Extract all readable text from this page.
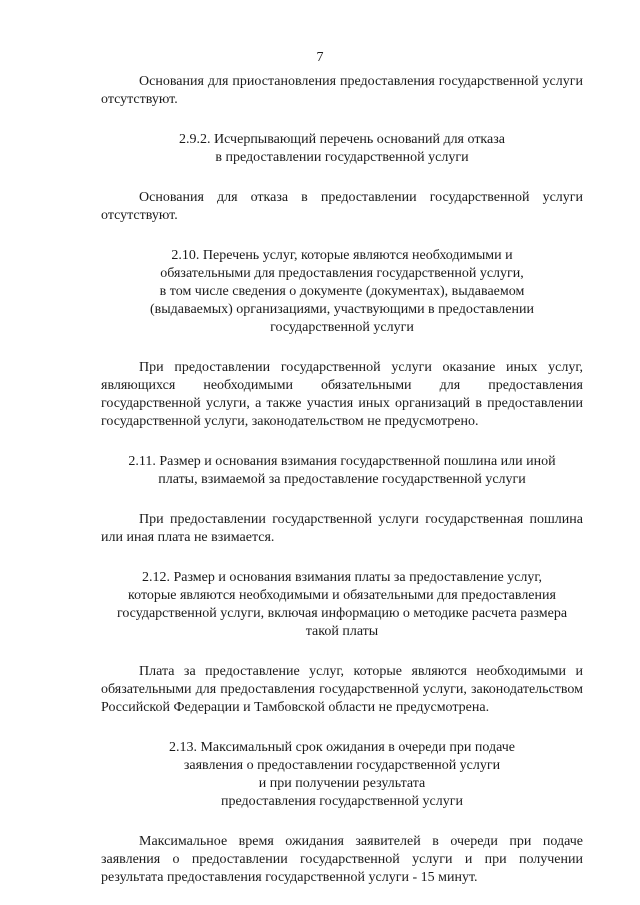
7

Основания для приостановления предоставления государственной услуги отсутствуют.

2.9.2. Исчерпывающий перечень оснований для отказа
в предоставлении государственной услуги

Основания для отказа в предоставлении государственной услуги отсутствуют.

2.10. Перечень услуг, которые являются необходимыми и
обязательными для предоставления государственной услуги,
в том числе сведения о документе (документах), выдаваемом
(выдаваемых) организациями, участвующими в предоставлении
государственной услуги

При предоставлении государственной услуги оказание иных услуг, являющихся необходимыми обязательными для предоставления государственной услуги, а также участия иных организаций в предоставлении государственной услуги, законодательством не предусмотрено.

2.11. Размер и основания взимания государственной пошлина или иной
платы, взимаемой за предоставление государственной услуги

При предоставлении государственной услуги государственная пошлина или иная плата не взимается.

2.12. Размер и основания взимания платы за предоставление услуг,
которые являются необходимыми и обязательными для предоставления
государственной услуги, включая информацию о методике расчета размера
такой платы

Плата за предоставление услуг, которые являются необходимыми и обязательными для предоставления государственной услуги, законодательством Российской Федерации и Тамбовской области не предусмотрена.

2.13. Максимальный срок ожидания в очереди при подаче
заявления о предоставлении государственной услуги
и при получении результата
предоставления государственной услуги

Максимальное время ожидания заявителей в очереди при подаче заявления о предоставлении государственной услуги и при получении результата предоставления государственной услуги - 15 минут.
